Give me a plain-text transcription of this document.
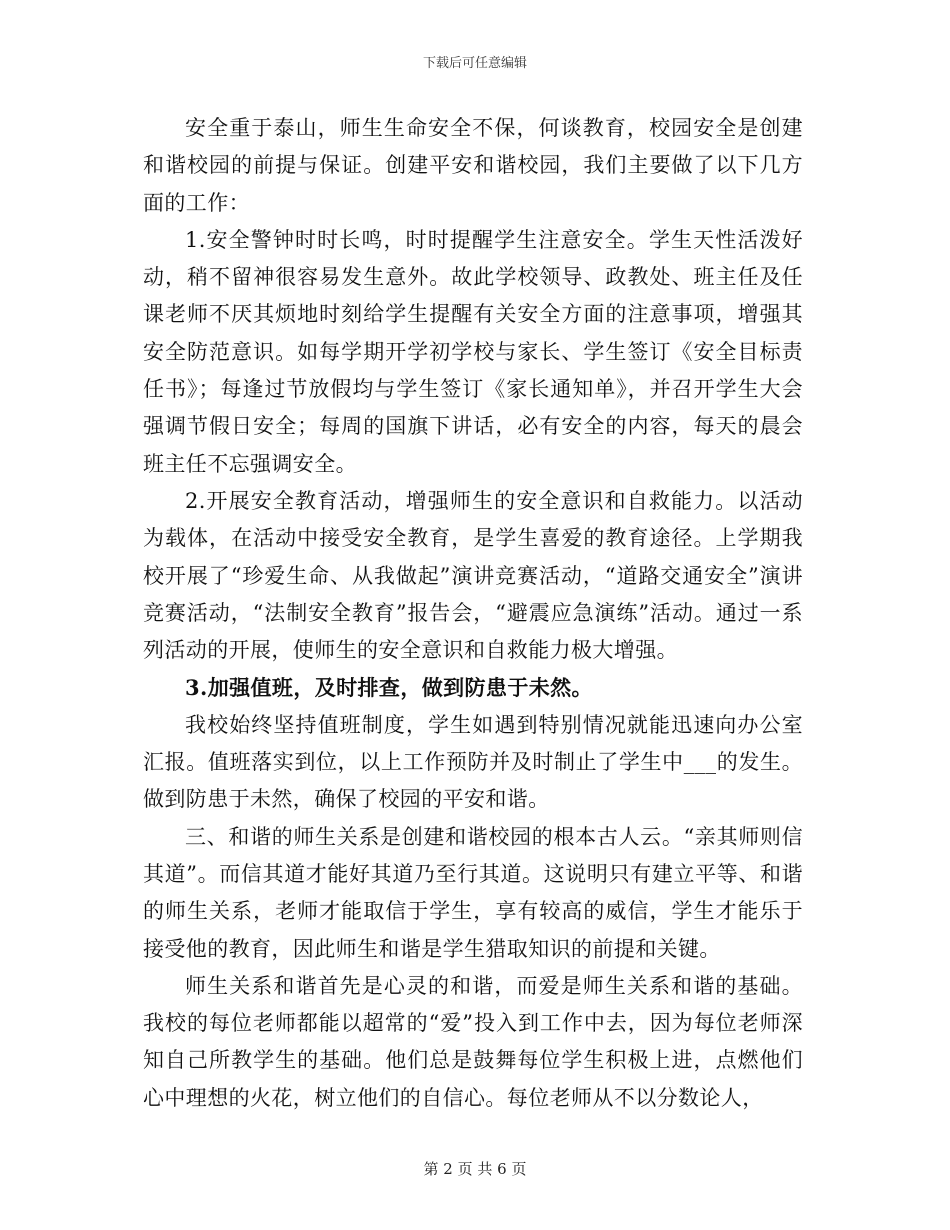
下载后可任意编辑

安全重于泰山，师生生命安全不保，何谈教育，校园安全是创建和谐校园的前提与保证。创建平安和谐校园，我们主要做了以下几方面的工作：

1.安全警钟时时长鸣，时时提醒学生注意安全。学生天性活泼好动，稍不留神很容易发生意外。故此学校领导、政教处、班主任及任课老师不厌其烦地时刻给学生提醒有关安全方面的注意事项，增强其安全防范意识。如每学期开学初学校与家长、学生签订《安全目标责任书》；每逢过节放假均与学生签订《家长通知单》，并召开学生大会强调节假日安全；每周的国旗下讲话，必有安全的内容，每天的晨会班主任不忘强调安全。

2.开展安全教育活动，增强师生的安全意识和自救能力。以活动为载体，在活动中接受安全教育，是学生喜爱的教育途径。上学期我校开展了“珍爱生命、从我做起”演讲竞赛活动，“道路交通安全”演讲竞赛活动，“法制安全教育”报告会，“避震应急演练”活动。通过一系列活动的开展，使师生的安全意识和自救能力极大增强。

3.加强值班，及时排查，做到防患于未然。

我校始终坚持值班制度，学生如遇到特别情况就能迅速向办公室汇报。值班落实到位，以上工作预防并及时制止了学生中___的发生。做到防患于未然，确保了校园的平安和谐。

三、和谐的师生关系是创建和谐校园的根本古人云。“亲其师则信其道”。而信其道才能好其道乃至行其道。这说明只有建立平等、和谐的师生关系，老师才能取信于学生，享有较高的威信，学生才能乐于接受他的教育，因此师生和谐是学生猎取知识的前提和关键。

师生关系和谐首先是心灵的和谐，而爱是师生关系和谐的基础。我校的每位老师都能以超常的“爱”投入到工作中去，因为每位老师深知自己所教学生的基础。他们总是鼓舞每位学生积极上进，点燃他们心中理想的火花，树立他们的自信心。每位老师从不以分数论人，

第 2 页 共 6 页
